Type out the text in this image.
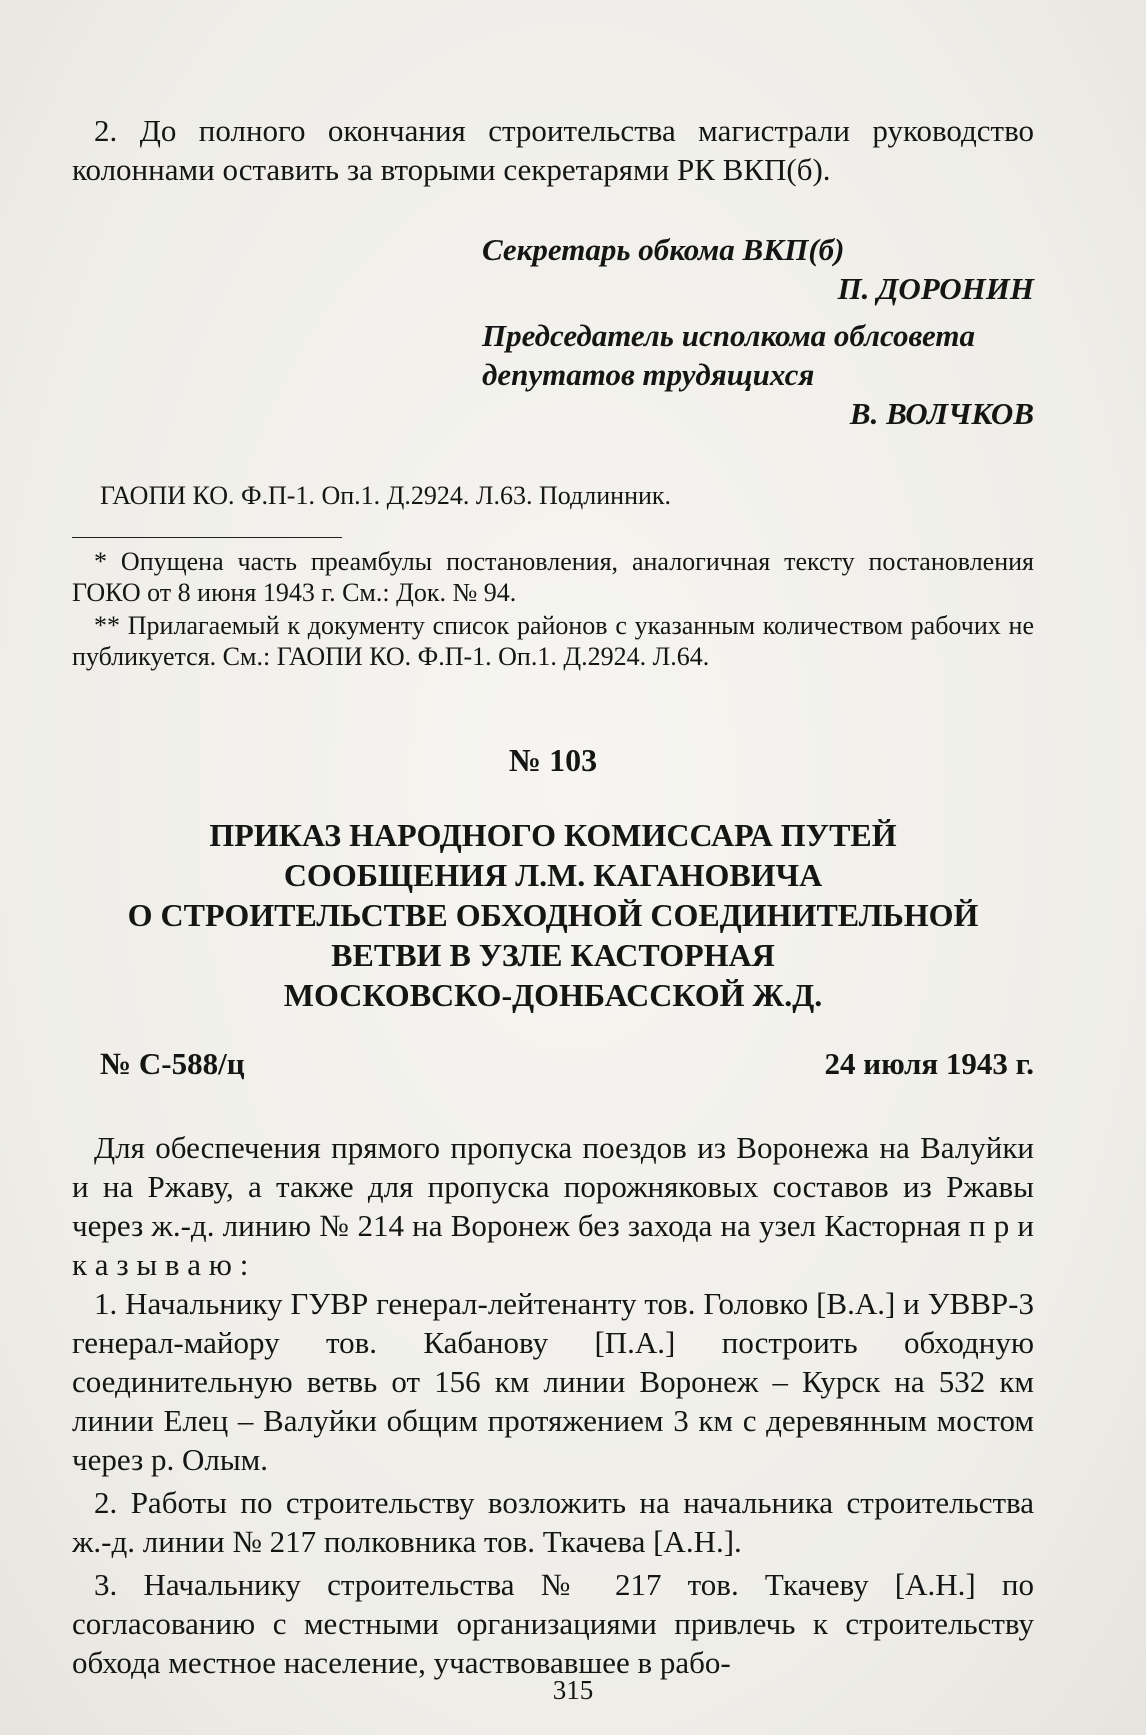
2. До полного окончания строительства магистрали руководство колоннами оставить за вторыми секретарями РК ВКП(б).

Секретарь обкома ВКП(б)

П. ДОРОНИН

Председатель исполкома облсовета

депутатов трудящихся

В. ВОЛЧКОВ

ГАОПИ КО. Ф.П-1. Оп.1. Д.2924. Л.63. Подлинник.

* Опущена часть преамбулы постановления, аналогичная тексту постановления ГОКО от 8 июня 1943 г. См.: Док. № 94.

** Прилагаемый к документу список районов с указанным количеством рабочих не публикуется. См.: ГАОПИ КО. Ф.П-1. Оп.1. Д.2924. Л.64.

№ 103

ПРИКАЗ НАРОДНОГО КОМИССАРА ПУТЕЙ

СООБЩЕНИЯ Л.М. КАГАНОВИЧА

О СТРОИТЕЛЬСТВЕ ОБХОДНОЙ СОЕДИНИТЕЛЬНОЙ

ВЕТВИ В УЗЛЕ КАСТОРНАЯ

МОСКОВСКО-ДОНБАССКОЙ Ж.Д.

№ С-588/ц	24 июля 1943 г.

Для обеспечения прямого пропуска поездов из Воронежа на Валуйки и на Ржаву, а также для пропуска порожняковых составов из Ржавы через ж.-д. линию № 214 на Воронеж без захода на узел Касторная п р и к а з ы в а ю :

1. Начальнику ГУВР генерал-лейтенанту тов. Головко [В.А.] и УВВР-3 генерал-майору тов. Кабанову [П.А.] построить обходную соединительную ветвь от 156 км линии Воронеж – Курск на 532 км линии Елец – Валуйки общим протяжением 3 км с деревянным мостом через р. Олым.

2. Работы по строительству возложить на начальника строительства ж.-д. линии № 217 полковника тов. Ткачева [А.Н.].

3. Начальнику строительства № 217 тов. Ткачеву [А.Н.] по согласованию с местными организациями привлечь к строительству обхода местное население, участвовавшее в рабо-

315
